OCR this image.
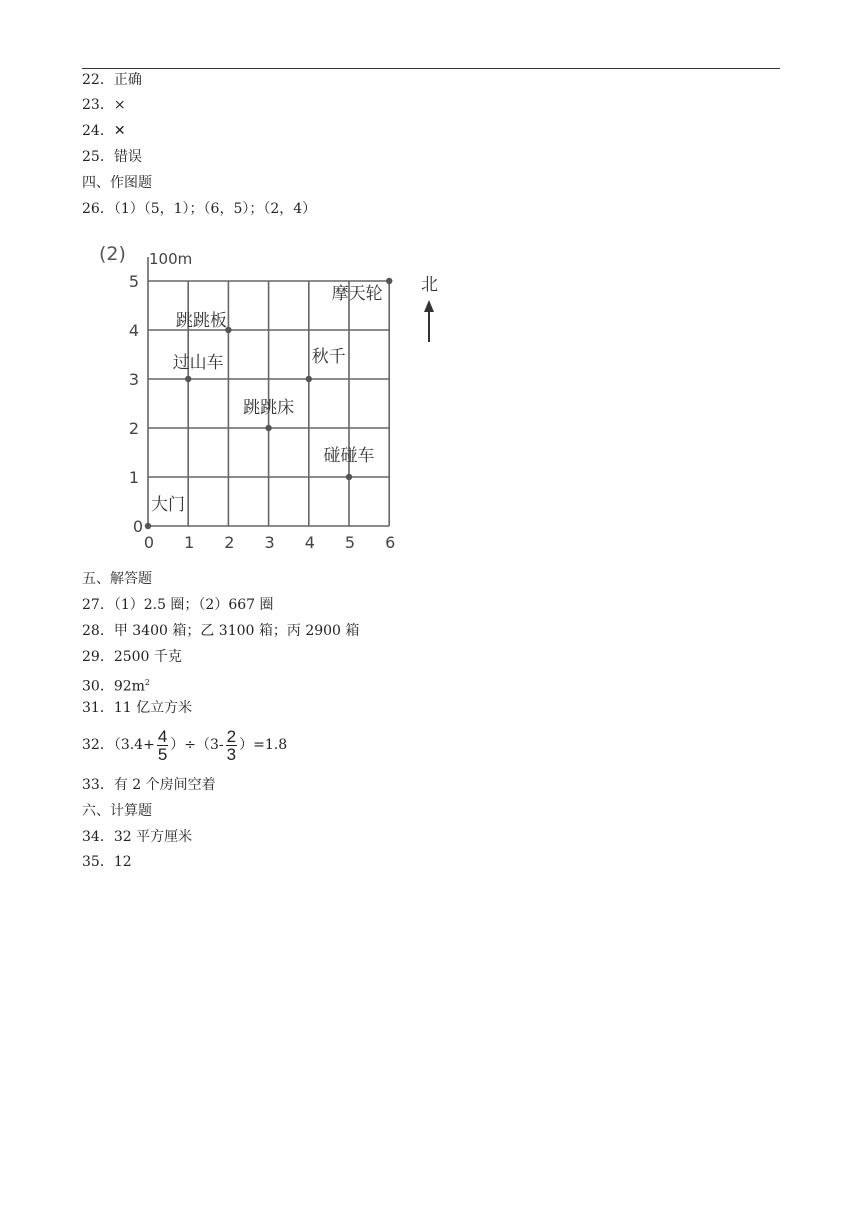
22．正确
23．×
24．✕
25．错误
四、作图题
26．（1）（5，1）；（6，5）；（2，4）
(2) 100m
0 1 2 3 4 5 6
1
2
3
4
5
0
大门
碰碰车
跳跳床
过山车	秋千
跳跳板
摩天轮 北
五、解答题
27．（1）2.5 圈；（2）667 圈
28．甲 3400 箱；乙 3100 箱；丙 2900 箱
29．2500 千克
30．$92m^2$
31．11 亿立方米
32．$(3.4+ \frac{4}{5} )\div(3- \frac{2}{3} )=1.8$
33．有 2 个房间空着
六、计算题
34．32 平方厘米
35．12
